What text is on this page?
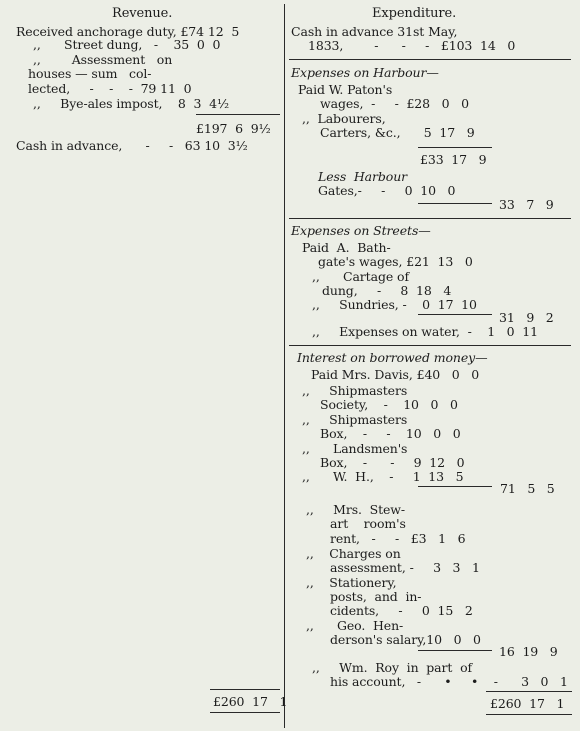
Revenue.
Received anchorage duty, £74 12  5
,,      Street dung,   -    35  0  0
,,        Assessment   on
houses — sum   col-
lected,     -    -    -  79 11  0
,,     Bye-ales impost,    8  3  4½
£197  6  9½
Cash in advance,      -     -   63 10  3½
£260  17   1
Expenditure.
Cash in advance 31st May,
1833,        -      -     -   £103  14   0
Expenses on Harbour—
Paid W. Paton's
wages,  -     -  £28   0   0
,,  Labourers,
Carters, &c.,      5  17   9
£33  17   9
Less  Harbour
Gates,-     -     0  10   0
33   7   9
Expenses on Streets—
Paid  A.  Bath-
gate's wages, £21  13   0
,,      Cartage of
dung,     -     8  18   4
,,     Sundries, -    0  17  10
31   9   2
,,     Expenses on water,  -    1   0  11
Interest on borrowed money—
Paid Mrs. Davis, £40   0   0
,,     Shipmasters
Society,    -    10   0   0
,,     Shipmasters
Box,    -     -    10   0   0
,,      Landsmen's
Box,    -      -     9  12   0
,,      W.  H.,    -     1  13   5
71   5   5
,,     Mrs.  Stew-
art    room's
rent,   -     -   £3   1   6
,,    Charges on
assessment, -     3   3   1
,,    Stationery,
posts,  and  in-
cidents,     -     0  15   2
,,      Geo.  Hen-
derson's salary,10   0   0
16  19   9
,,     Wm.  Roy  in  part  of
his account,   -      •     •    -      3   0   1
£260  17   1
